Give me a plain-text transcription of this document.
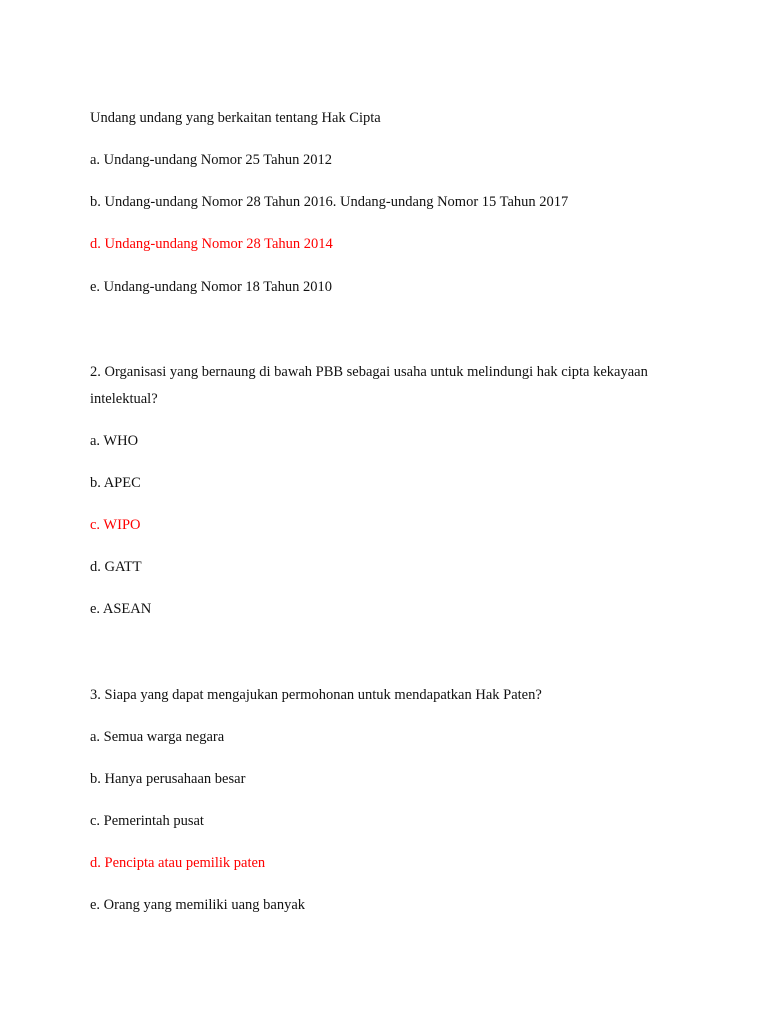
Undang undang yang berkaitan tentang Hak Cipta
a. Undang-undang Nomor 25 Tahun 2012
b. Undang-undang Nomor 28 Tahun 2016. Undang-undang Nomor 15 Tahun 2017
d. Undang-undang Nomor 28 Tahun 2014
e. Undang-undang Nomor 18 Tahun 2010
2. Organisasi yang bernaung di bawah PBB sebagai usaha untuk melindungi hak cipta kekayaan
intelektual?
a. WHO
b. APEC
c. WIPO
d. GATT
e. ASEAN
3. Siapa yang dapat mengajukan permohonan untuk mendapatkan Hak Paten?
a. Semua warga negara
b. Hanya perusahaan besar
c. Pemerintah pusat
d. Pencipta atau pemilik paten
e. Orang yang memiliki uang banyak
